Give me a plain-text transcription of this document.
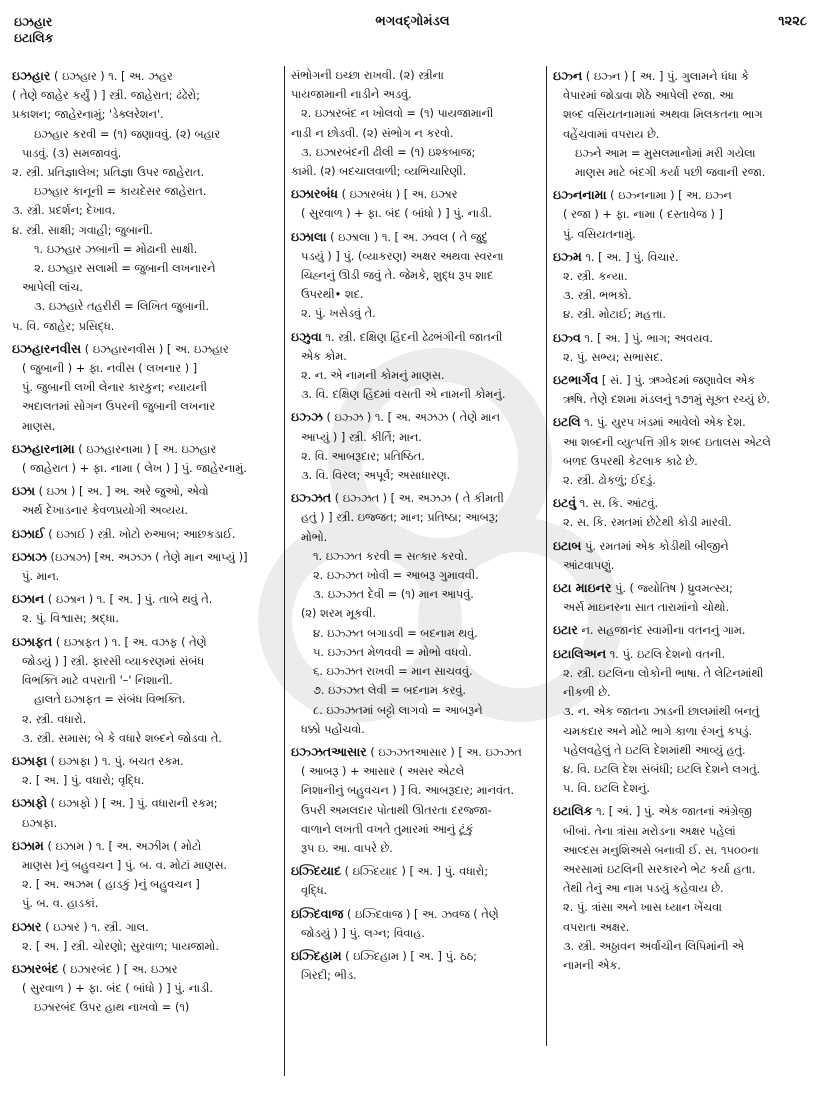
ઇઝહાર
ઇટાલિક
ભગવદ્ગોમંડલ	૧૨૨૮
ઇઝહાર ( ઇઝહાર ) ૧. [ અ. ઝહર
( તેણે જાહેર કર્યું ) ] સ્ત્રી. જાહેરાત; ઢંઢેરો;
પ્રકાશન; જાહેરનામું; 'ડેક્લરેશન'.
ઇઝહાર કરવી = (૧) જણાવવું. (૨) બહાર
પાડવું. (૩) સમજાવવું.
૨. સ્ત્રી. પ્રતિજ્ઞાલેખ; પ્રતિજ્ઞા ઉપર જાહેરાત.
ઇઝહાર કાનૂની = કાયદેસર જાહેરાત.
૩. સ્ત્રી. પ્રદર્શન; દેખાવ.
૪. સ્ત્રી. સાક્ષી; ગવાહી; જુબાની.
૧. ઇઝહાર ઝબાની = મોઢાની સાક્ષી.
૨. ઇઝહાર સલામી = જુબાની લખનારને
આપેલી લાંચ.
૩. ઇઝહારે તહરીરી = લિખિત જુબાની.
૫. વિ. જાહેર; પ્રસિદ્ધ.
ઇઝહારનવીસ ( ઇઝહારનવીસ ) [ અ. ઇઝહાર
( જુબાની ) + ફા. નવીસ ( લખનાર ) ]
પું. જુબાની લખી લેનાર કારકુન; ન્યાયની
અદાલતમાં સોગન ઉપરની જુબાની લખનાર
માણસ.
ઇઝહારનામા ( ઇઝહારનામા ) [ અ. ઇઝહાર
( જાહેરાત ) + ફા. નામા ( લેખ ) ] પું. જાહેરનામું.
ઇઝા ( ઇઝા ) [ અ. ] અ. અરે જુઓ, એવો
અર્થ દેખાડનાર કેવળપ્રયોગી અવ્યય.
ઇઝાઈ ( ઇઝાઈ ) સ્ત્રી. ખોટો રુઆબ; આછકડાઈ.
ઇઝાઝ (ઇઝાઝ) [અ. અઝઝ ( તેણે માન આપ્યું )]
પું. માન.
ઇઝાન ( ઇઝાન ) ૧. [ અ. ] પું. તાબે થવું તે.
૨. પું. વિશ્વાસ; શ્રદ્ધા.
ઇઝાફત ( ઇઝાફત ) ૧. [ અ. વઝફ ( તેણે
જોડયું ) ] સ્ત્રી. ફારસી વ્યાકરણમાં સંબંધ
વિભક્તિ માટે વપરાતી '–' નિશાની.
હાલતે ઇઝાફત = સંબંધ વિભક્તિ.
૨. સ્ત્રી. વધારો.
૩. સ્ત્રી. સમાસ; બે કે વધારે શબ્દને જોડવા તે.
ઇઝાફા ( ઇઝાફા ) ૧. પું. બચત રકમ.
૨. [ અ. ] પું. વધારો; વૃદ્ધિ.
ઇઝાફો ( ઇઝાફો ) [ અ. ] પું. વધારાની રકમ;
ઇઝાફા.
ઇઝામ ( ઇઝામ ) ૧. [ અ. અઝીમ ( મોટો
માણસ )નું બહુવચન ] પું. બ. વ. મોટાં માણસ.
૨. [ અ. અઝમ ( હાડકું )નું બહુવચન ]
પું. બ. વ. હાડકાં.
ઇઝાર ( ઇઝાર ) ૧. સ્ત્રી. ગાલ.
૨. [ અ. ] સ્ત્રી. ચોરણો; સુરવાળ; પાયજામો.
ઇઝારબંદ ( ઇઝારબંદ ) [ અ. ઇઝાર
( સુરવાળ ) + ફા. બંદ ( બાંધો ) ] પું. નાડી.
ઇઝારબંદ ઉપર હાથ નાખવો = (૧)
સંભોગની ઇચ્છા રાખવી. (૨) સ્ત્રીના
પાયજામાની નાડીને અડવું.
૨. ઇઝારબંદ ન ખોલવો = (૧) પાયજામાની
નાડી ન છોડવી. (૨) સંભોગ ન કરવો.
૩. ઇઝારબંદની ઢીલી = (૧) ઇશ્કબાજ;
કામી. (૨) બદચાલવાળી; વ્યભિચારિણી.
ઇઝારબંધ ( ઇઝારબંધ ) [ અ. ઇઝાર
( સુરવાળ ) + ફા. બંદ ( બાંધો ) ] પું. નાડી.
ઇઝાલા ( ઇઝાલા ) ૧. [ અ. ઝવલ ( તે જુદું
પડયું ) ] પું. (વ્યાકરણ) અક્ષર અથવા સ્વરના
ચિહ્નનું ઊડી જવું તે. જેમકે, શુદ્ધ રૂપ શાદ
ઉપરથી• શદ.
૨. પું. ખસેડવું તે.
ઇઝુવા ૧. સ્ત્રી. દક્ષિણ હિંદની ઢેઢભંગીની જાતની
એક કોમ.
૨. ન. એ નામની કોમનું માણસ.
૩. વિ. દક્ષિણ હિંદમાં વસતી એ નામની કોમનું.
ઇઝ્ઝ ( ઇઝ્ઝ ) ૧. [ અ. અઝઝ ( તેણે માન
આપ્યું ) ] સ્ત્રી. કીર્તિ; માન.
૨. વિ. આબરૂદાર; પ્રતિષ્ઠિત.
૩. વિ. વિરલ; અપૂર્વ; અસાધારણ.
ઇઝ્ઝત ( ઇઝ્ઝત ) [ અ. અઝઝ ( તે કીમતી
હતું ) ] સ્ત્રી. ઇજ્જત; માન; પ્રતિષ્ઠા; આબરૂ;
મોભો.
૧. ઇઝ્ઝત કરવી = સત્કાર કરવો.
૨. ઇઝ્ઝત ખોવી = આબરૂ ગુમાવવી.
૩. ઇઝ્ઝત દેવી = (૧) માન આપવું.
(૨) શરમ મૂકવી.
૪. ઇઝ્ઝત બગાડવી = બદનામ થવું.
૫. ઇઝ્ઝત મેળવવી = મોભો વધવો.
૬. ઇઝ્ઝત રાખવી = માન સાચવવું.
૭. ઇઝ્ઝત લેવી = બદનામ કરવું.
૮. ઇઝ્ઝતમાં બટ્ટો લાગવો = આબરૂને
ધક્કો પહોંચવો.
ઇઝ્ઝતઆસાર ( ઇઝ્ઝતઆસાર ) [ અ. ઇઝ્ઝત
( આબરૂ ) + આસાર ( અસર એટલે
નિશાનીનું બહુવચન ) ] વિ. આબરૂદાર; માનવંત.
ઉપરી અમલદાર પોતાથી ઊતરતા દરજ્જા-
વાળાને લખતી વખતે તુમારમાં આનું ટૂંકું
રૂપ ઇ. આ. વાપરે છે.
ઇઝ્દિયાદ ( ઇઝ્દિયાદ ) [ અ. ] પું. વધારો;
વૃદ્ધિ.
ઇઝ્દિવાજ ( ઇઝ્દિવાજ ) [ અ. ઝવજ ( તેણે
જોડયું ) ] પું. લગ્ન; વિવાહ.
ઇઝ્દિહામ ( ઇઝ્દિહામ ) [ અ. ] પું. ઠઠ;
ગિરદી; ભીડ.
ઇઝ્ન ( ઇઝ્ન ) [ અ. ] પું. ગુલામને ધંધા કે
વેપારમાં જોડાવા શેઠે આપેલી રજા. આ
શબ્દ વસિયતનામામાં અથવા મિલકતના ભાગ
વહેંચવામાં વપરાય છે.
ઇઝ્ને આમ = મુસલમાનોમાં મરી ગયેલા
માણસ માટે બંદગી કર્યા પછી જવાની રજા.
ઇઝ્નનામા ( ઇઝ્નનામા ) [ અ. ઇઝ્ન
( રજા ) + ફા. નામા ( દસ્તાવેજ ) ]
પું. વસિયતનામું.
ઇઝ્મ ૧. [ અ. ] પું. વિચાર.
૨. સ્ત્રી. કન્યા.
૩. સ્ત્રી. ભભકો.
૪. સ્ત્રી. મોટાઈ; મહત્તા.
ઇઝ્વ ૧. [ અ. ] પું. ભાગ; અવયવ.
૨. પું. સભ્ય; સભાસદ.
ઇટભાર્ગવ [ સં. ] પું. ઋગ્વેદમાં જણાવેલ એક
ઋષિ. તેણે દશમા મંડલનું ૧૭૧મું સૂક્ત રચ્યું છે.
ઇટલિ ૧. પું. યુરપ ખંડમાં આવેલો એક દેશ.
આ શબ્દની વ્યુત્પત્તિ ગ્રીક શબ્દ ઇતાલસ એટલે
બળદ ઉપરથી કેટલાક કાઢે છે.
૨. સ્ત્રી. ઢોકળું; ઈદડું.
ઇટવું ૧. સ. કિ. આંટવું.
૨. સ. કિ. રમતમાં છેટેથી કોડી મારવી.
ઇટાબ પું. રમતમાં એક કોડીથી બીજીને
આંટવાપણું.
ઇટા માઇનર પું. ( જ્યોતિષ ) ધ્રુવમત્સ્ય;
અર્સ માઇનરના સાત તારામાંનો ચોથો.
ઇટાર ન. સહજાનંદ સ્વામીના વતનનું ગામ.
ઇટાલિઅન ૧. પું. ઇટલિ દેશનો વતની.
૨. સ્ત્રી. ઇટલિના લોકોની ભાષા. તે લેટિનમાંથી
નીકળી છે.
૩. ન. એક જાતના ઝાડની છાલમાંથી બનતું
ચમકદાર અને મોટે ભાગે કાળા રંગનું કપડું.
પહેલવહેલું તે ઇટલિ દેશમાંથી આવ્યું હતું.
૪. વિ. ઇટલિ દેશ સંબંધી; ઇટલિ દેશને લગતું.
૫. વિ. ઇટલિ દેશનું.
ઇટાલિક ૧. [ અં. ] પું. એક જાતનાં અંગ્રેજી
બીબાં. તેના ત્રાંસા મરોડના અક્ષર પહેલાં
આલ્દસ મનુશિઅસે બનાવી ઈ. સ. ૧૫૦૦ના
અરસામાં ઇટલિની સરકારને ભેટ કર્યા હતા.
તેથી તેનું આ નામ પડયું કહેવાય છે.
૨. પું. ત્રાંસા અને ખાસ ધ્યાન ખેંચવા
વપરાતા અક્ષર.
૩. સ્ત્રી. અઠ્ઠાવન અર્વાચીન લિપિમાંની એ
નામની એક.
